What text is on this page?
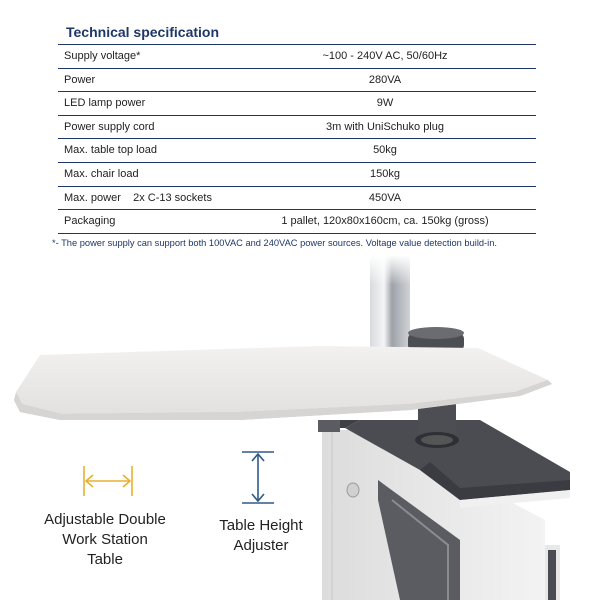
Technical specification
Supply voltage*	~100 - 240V AC, 50/60Hz
Power	280VA
LED lamp power	9W
Power supply cord	3m with UniSchuko plug
Max. table top load	50kg
Max. chair load	150kg
Max. power    2x C-13 sockets	450VA
Packaging	1 pallet, 120x80x160cm, ca. 150kg (gross)
*- The power supply can support both 100VAC and 240VAC power sources. Voltage value detection build-in.
Adjustable Double
Work Station
Table
Table Height
Adjuster
